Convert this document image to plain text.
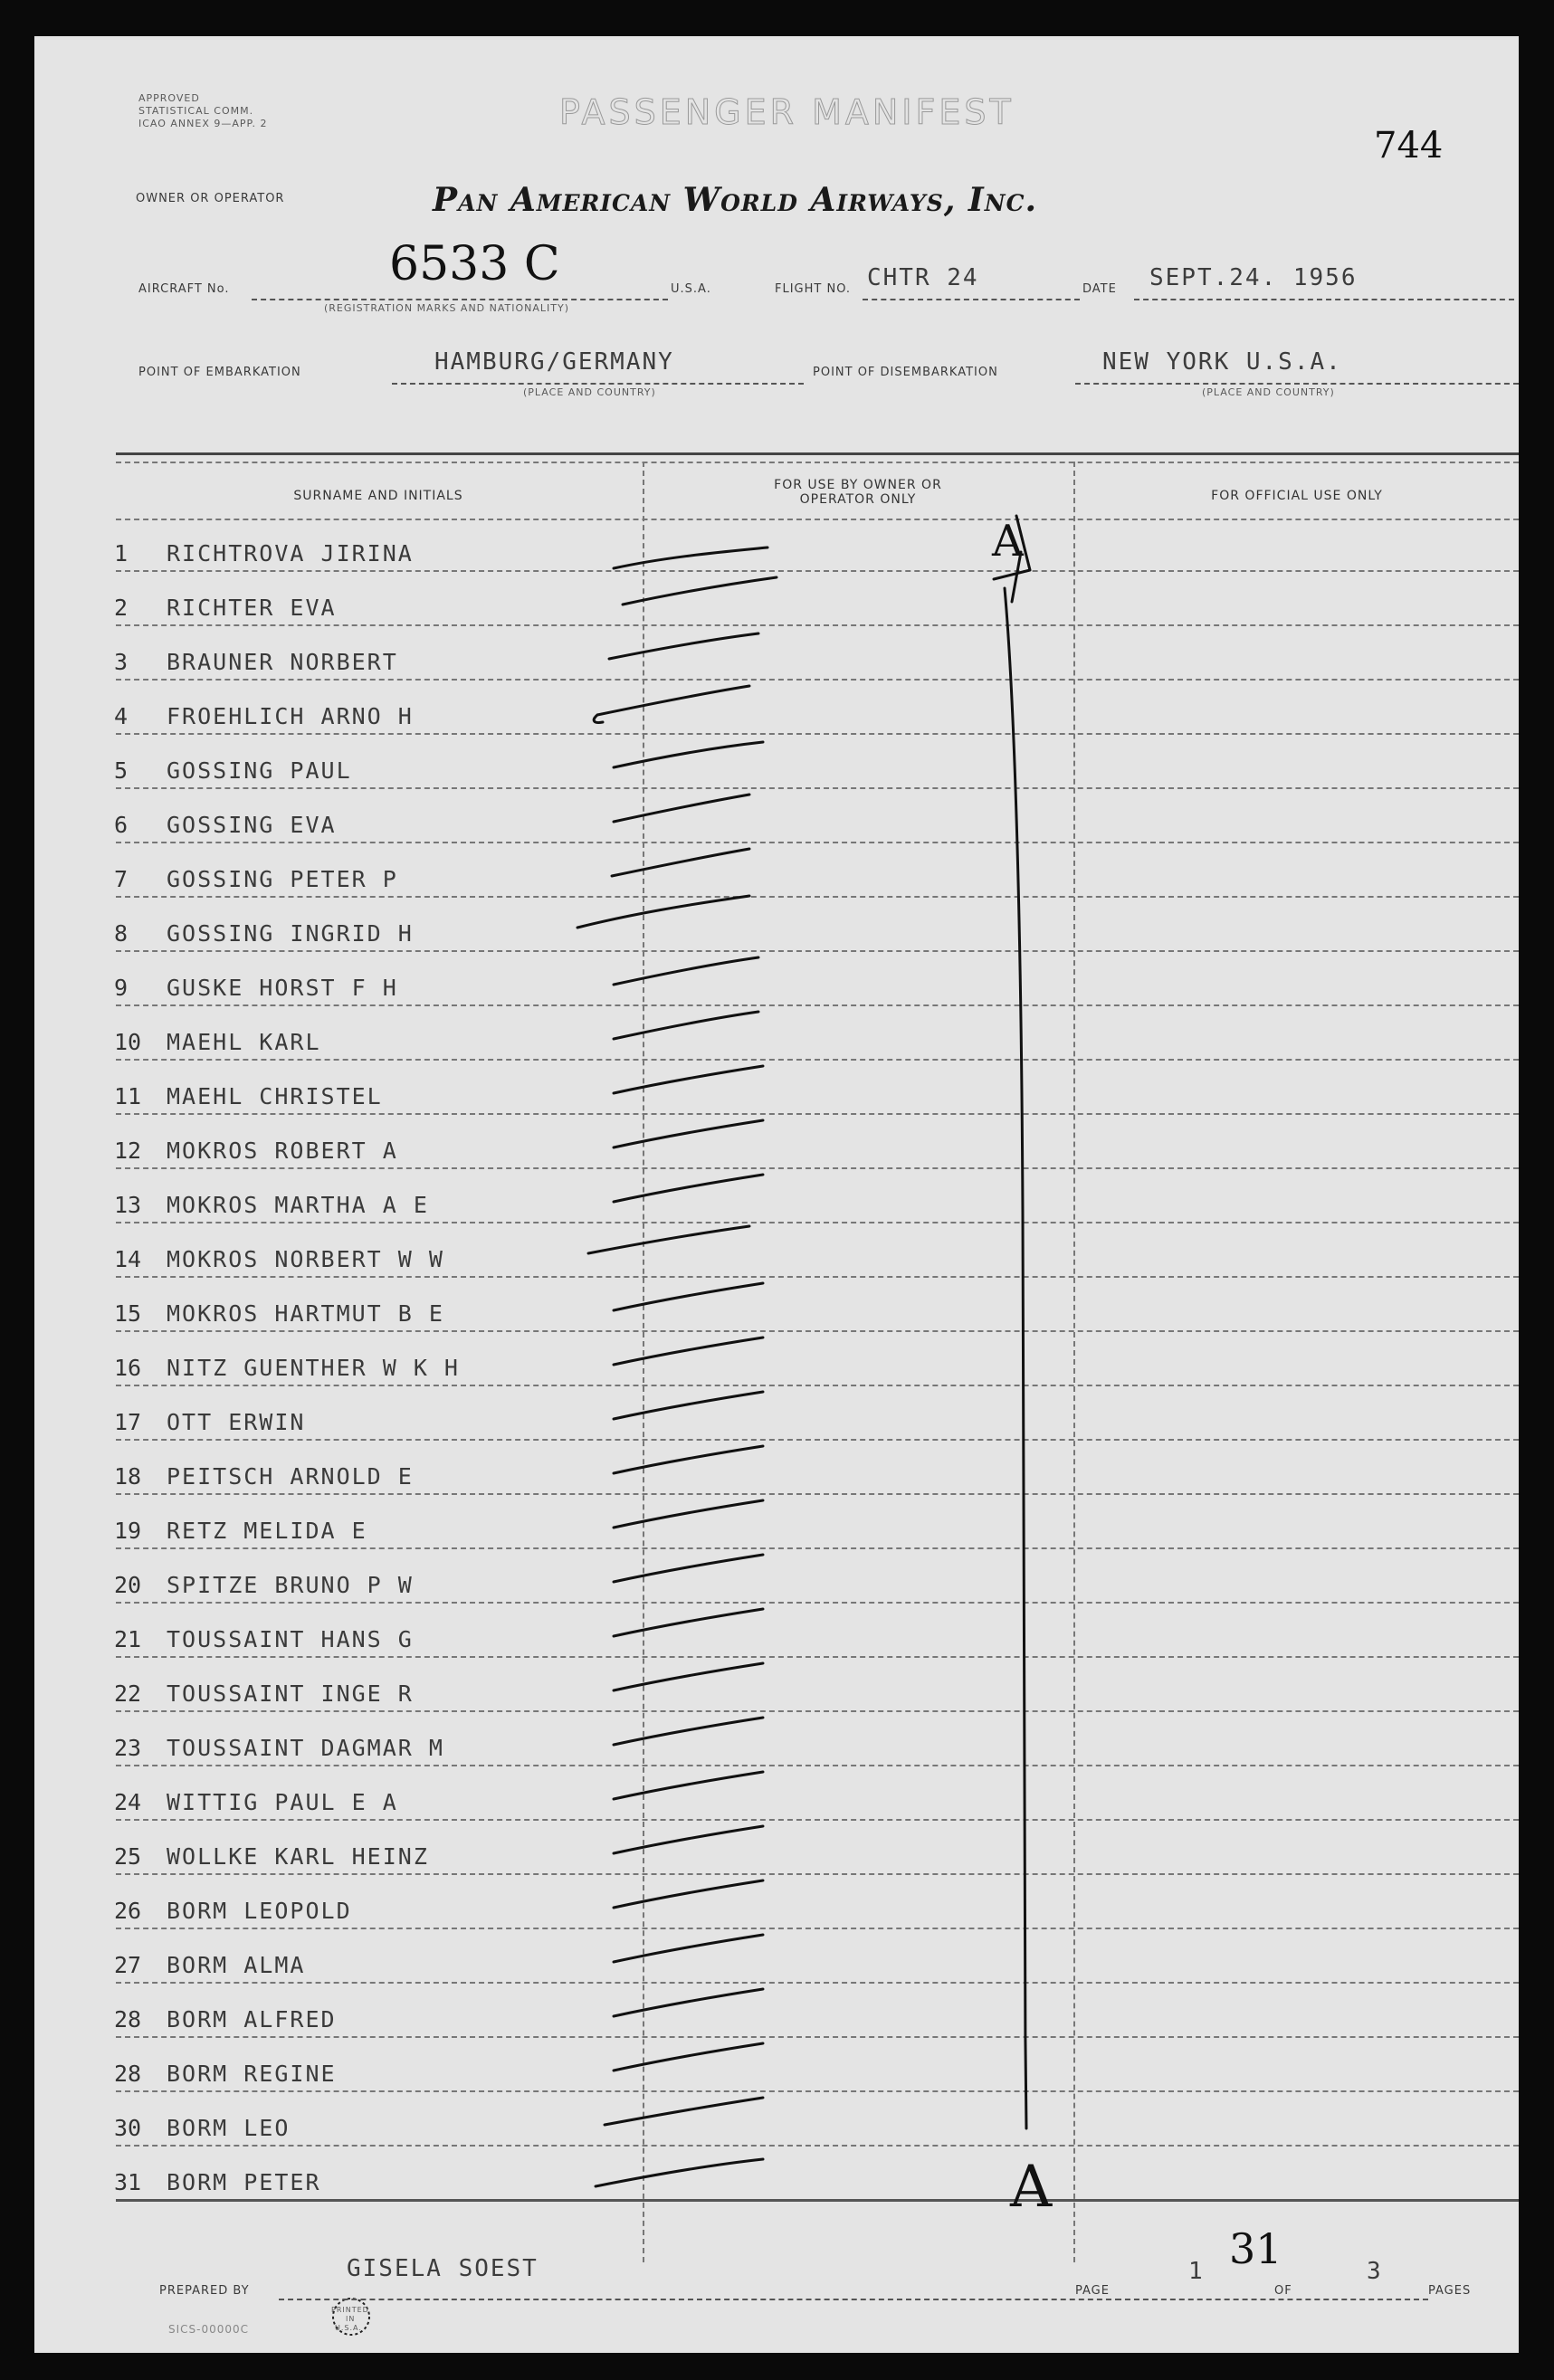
APPROVED
STATISTICAL COMM.
ICAO ANNEX 9—APP. 2	PASSENGER MANIFEST
744
OWNER OR OPERATOR	Pan American World Airways, Inc.
AIRCRAFT No.	6533 C
(REGISTRATION MARKS AND NATIONALITY)
U.S.A.	FLIGHT NO. CHTR 24	DATE SEPT.24. 1956
POINT OF EMBARKATION	HAMBURG/GERMANY
(PLACE AND COUNTRY)
POINT OF DISEMBARKATION	NEW YORK U.S.A.
(PLACE AND COUNTRY)
SURNAME AND INITIALS
FOR USE BY OWNER OR OPERATOR ONLY	FOR OFFICIAL USE ONLY
1	RICHTROVA JIRINA
2	RICHTER EVA
3	BRAUNER NORBERT
4	FROEHLICH ARNO H
5	GOSSING PAUL
6	GOSSING EVA
7	GOSSING PETER P
8	GOSSING INGRID H
9	GUSKE HORST F H
10	MAEHL KARL
11	MAEHL CHRISTEL
12	MOKROS ROBERT A
13	MOKROS MARTHA A E
14	MOKROS NORBERT W W
15	MOKROS HARTMUT B E
16	NITZ GUENTHER W K H
17	OTT ERWIN
18	PEITSCH ARNOLD E
19	RETZ MELIDA E
20	SPITZE BRUNO P W
21	TOUSSAINT HANS G
22	TOUSSAINT INGE R
23	TOUSSAINT DAGMAR M
24	WITTIG PAUL E A
25	WOLLKE KARL HEINZ
26	BORM LEOPOLD
27	BORM ALMA
28	BORM ALFRED
28	BORM REGINE
30	BORM LEO
31	BORM PETER
A
A
PREPARED BY
GISELA SOEST	31
PAGE
1
OF
3
PAGES
SICS-00000C
PRINTED
IN
U.S.A.
